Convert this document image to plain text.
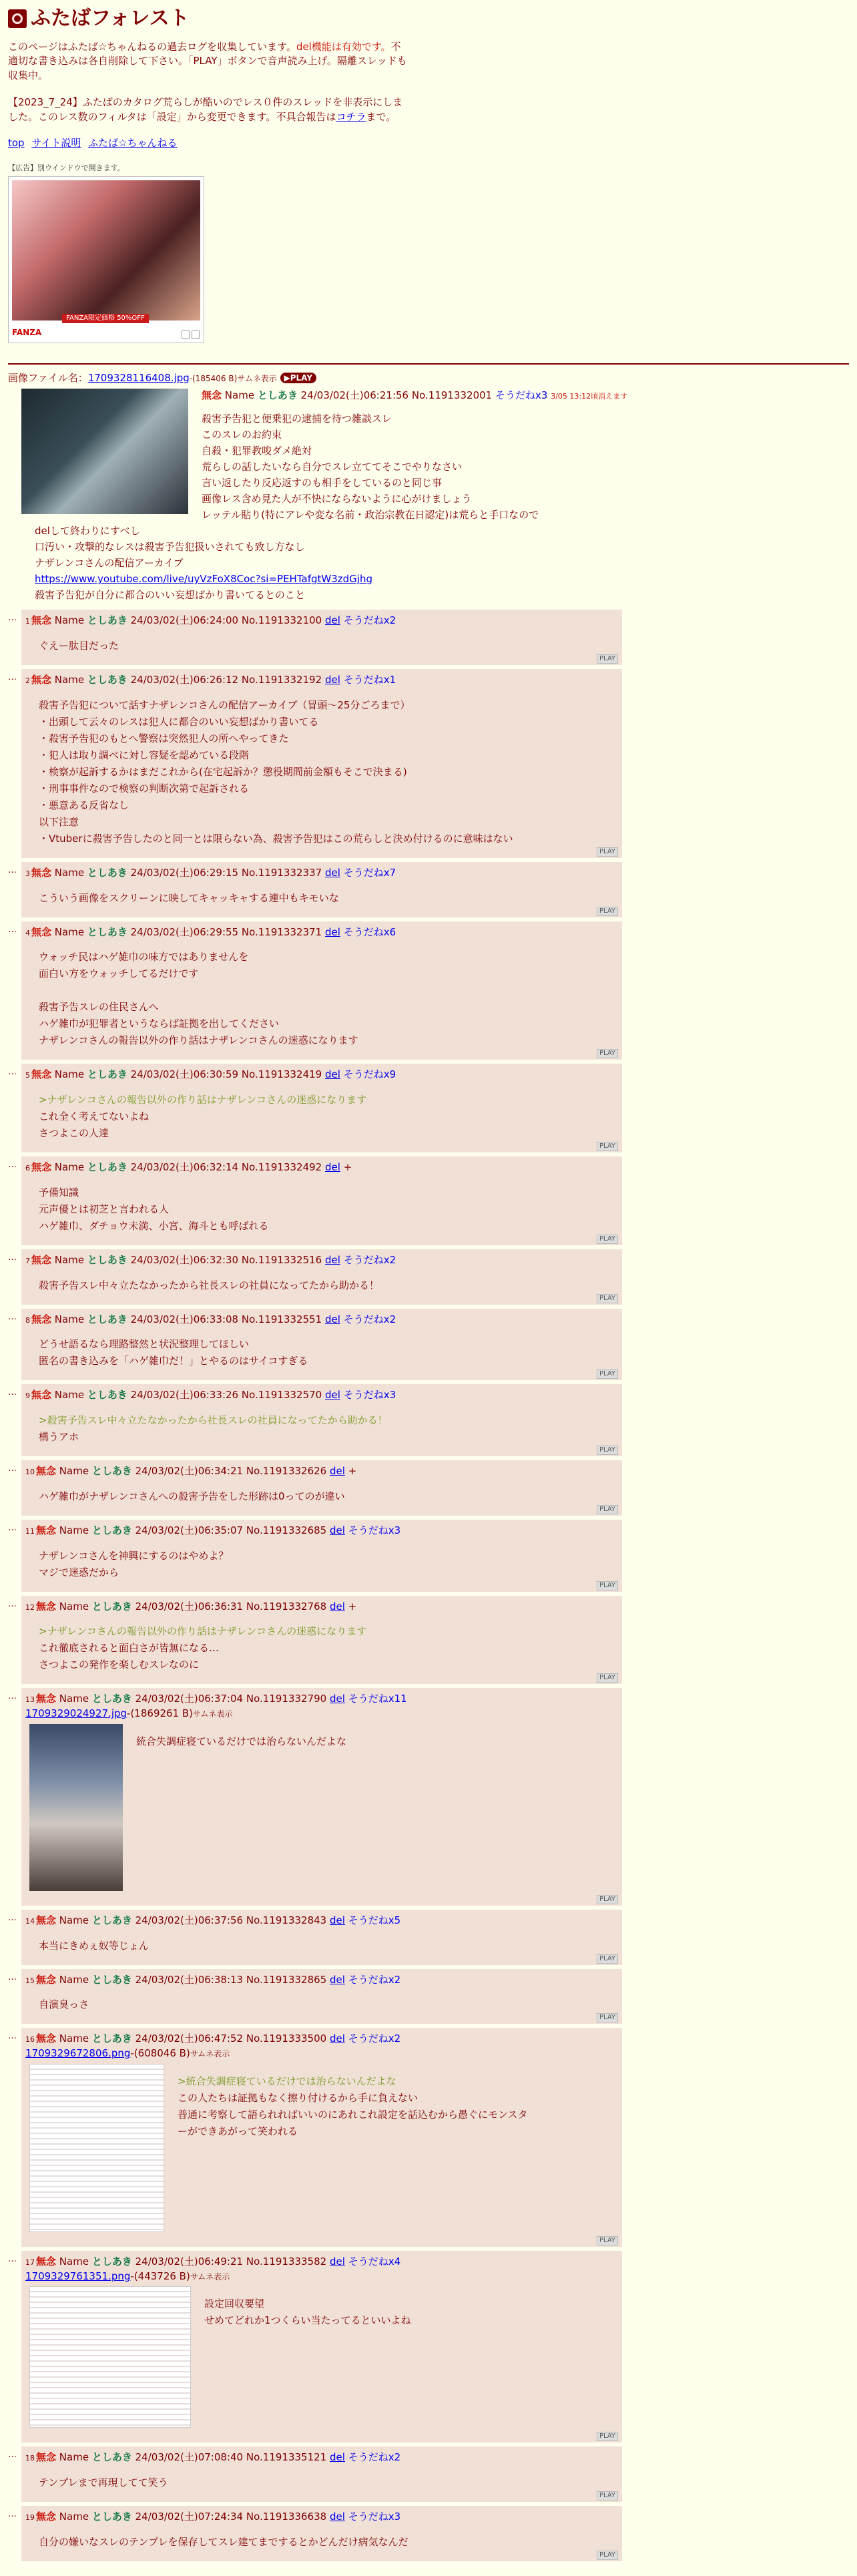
ふたばフォレスト

このページはふたば☆ちゃんねるの過去ログを収集しています。del機能は有効です。不適切な書き込みは各自削除して下さい。「PLAY」ボタンで音声読み上げ。隔離スレッドも収集中。

【2023_7_24】ふたばのカタログ荒らしが酷いのでレス０件のスレッドを非表示にしました。このレス数のフィルタは「設定」から変更できます。不具合報告はコチラまで。

top サイト説明 ふたば☆ちゃんねる
【広告】別ウインドウで開きます。
FANZA限定価格 50%OFF
FANZA
画像ファイル名：1709328116408.jpg-(185406 B)サムネ表示 ▶PLAY
無念 Name としあき 24/03/02(土)06:21:56 No.1191332001 そうだねx3 3/05 13:12頃消えます
殺害予告犯と便乗犯の逮捕を待つ雑談スレ
このスレのお約束
自殺・犯罪教唆ダメ絶対
荒らしの話したいなら自分でスレ立ててそこでやりなさい
言い返したり反応返すのも相手をしているのと同じ事
画像レス含め見た人が不快にならないように心がけましょう
レッテル貼り(特にアレや変な名前・政治宗教在日認定)は荒らと手口なので
delして終わりにすべし
口汚い・攻撃的なレスは殺害予告犯扱いされても致し方なし
ナザレンコさんの配信アーカイブ
https://www.youtube.com/live/uyVzFoX8Coc?si=PEHTafgtW3zdGjhg
殺害予告犯が自分に都合のいい妄想ばかり書いてるとのこと
…	1 無念 Name としあき 24/03/02(土)06:24:00 No.1191332100 del そうだねx2
ぐえー肽目だった
PLAY
…	2 無念 Name としあき 24/03/02(土)06:26:12 No.1191332192 del そうだねx1
殺害予告犯について話すナザレンコさんの配信アーカイブ（冒頭〜25分ごろまで）
・出頭して云々のレスは犯人に都合のいい妄想ばかり書いてる
・殺害予告犯のもとへ警察は突然犯人の所へやってきた
・犯人は取り調べに対し容疑を認めている段階
・検察が起訴するかはまだこれから(在宅起訴か？懲役期間前金額もそこで決まる)
・刑事事件なので検察の判断次第で起訴される
・悪意ある反省なし
以下注意
・Vtuberに殺害予告したのと同一とは限らない為、殺害予告犯はこの荒らしと決め付けるのに意味はない
PLAY
…	3 無念 Name としあき 24/03/02(土)06:29:15 No.1191332337 del そうだねx7
こういう画像をスクリーンに映してキャッキャする連中もキモいな
PLAY
…	4 無念 Name としあき 24/03/02(土)06:29:55 No.1191332371 del そうだねx6
ウォッチ民はハゲ雑巾の味方ではありませんを
面白い方をウォッチしてるだけです

殺害予告スレの住民さんへ
ハゲ雑巾が犯罪者というならば証拠を出してください
ナザレンコさんの報告以外の作り話はナザレンコさんの迷惑になります
PLAY
…	5 無念 Name としあき 24/03/02(土)06:30:59 No.1191332419 del そうだねx9
>ナザレンコさんの報告以外の作り話はナザレンコさんの迷惑になります
これ全く考えてないよね
さつよこの人達
PLAY
…	6 無念 Name としあき 24/03/02(土)06:32:14 No.1191332492 del +
予備知識
元声優とは初芝と言われる人
ハゲ雑巾、ダチョウ未満、小宮、海斗とも呼ばれる
PLAY
…	7 無念 Name としあき 24/03/02(土)06:32:30 No.1191332516 del そうだねx2
殺害予告スレ中々立たなかったから社長スレの社員になってたから助かる！
PLAY
…	8 無念 Name としあき 24/03/02(土)06:33:08 No.1191332551 del そうだねx2
どうせ語るなら理路整然と状況整理してほしい
匿名の書き込みを「ハゲ雑巾だ！」とやるのはサイコすぎる
PLAY
…	9 無念 Name としあき 24/03/02(土)06:33:26 No.1191332570 del そうだねx3
>殺害予告スレ中々立たなかったから社長スレの社員になってたから助かる！
構うアホ
PLAY
…	10 無念 Name としあき 24/03/02(土)06:34:21 No.1191332626 del +
ハゲ雑巾がナザレンコさんへの殺害予告をした形跡は0ってのが違い
PLAY
…	11 無念 Name としあき 24/03/02(土)06:35:07 No.1191332685 del そうだねx3
ナザレンコさんを神興にするのはやめよ？
マジで迷惑だから
PLAY
…	12 無念 Name としあき 24/03/02(土)06:36:31 No.1191332768 del +
>ナザレンコさんの報告以外の作り話はナザレンコさんの迷惑になります
これ徹底されると面白さが皆無になる…
さつよこの発作を楽しむスレなのに
PLAY
…	13 無念 Name としあき 24/03/02(土)06:37:04 No.1191332790 del そうだねx11
1709329024927.jpg-(1869261 B)サムネ表示
統合失調症寝ているだけでは治らないんだよな
PLAY
…	14 無念 Name としあき 24/03/02(土)06:37:56 No.1191332843 del そうだねx5
本当にきめぇ奴等じょん
PLAY
…	15 無念 Name としあき 24/03/02(土)06:38:13 No.1191332865 del そうだねx2
自演臭っさ
PLAY
…	16 無念 Name としあき 24/03/02(土)06:47:52 No.1191333500 del そうだねx2
1709329672806.png-(608046 B)サムネ表示
>統合失調症寝ているだけでは治らないんだよな
この人たちは証拠もなく擦り付けるから手に負えない
普通に考察して語られればいいのにあれこれ設定を話込むから愚ぐにモンスタ
ーができあがって笑われる
PLAY
…	17 無念 Name としあき 24/03/02(土)06:49:21 No.1191333582 del そうだねx4
1709329761351.png-(443726 B)サムネ表示
設定回収要望
せめてどれか1つくらい当たってるといいよね
PLAY
…	18 無念 Name としあき 24/03/02(土)07:08:40 No.1191335121 del そうだねx2
テンプレまで再現してて笑う
PLAY
…	19 無念 Name としあき 24/03/02(土)07:24:34 No.1191336638 del そうだねx3
自分の嫌いなスレのテンプレを保存してスレ建てまでするとかどんだけ病気なんだ
PLAY
